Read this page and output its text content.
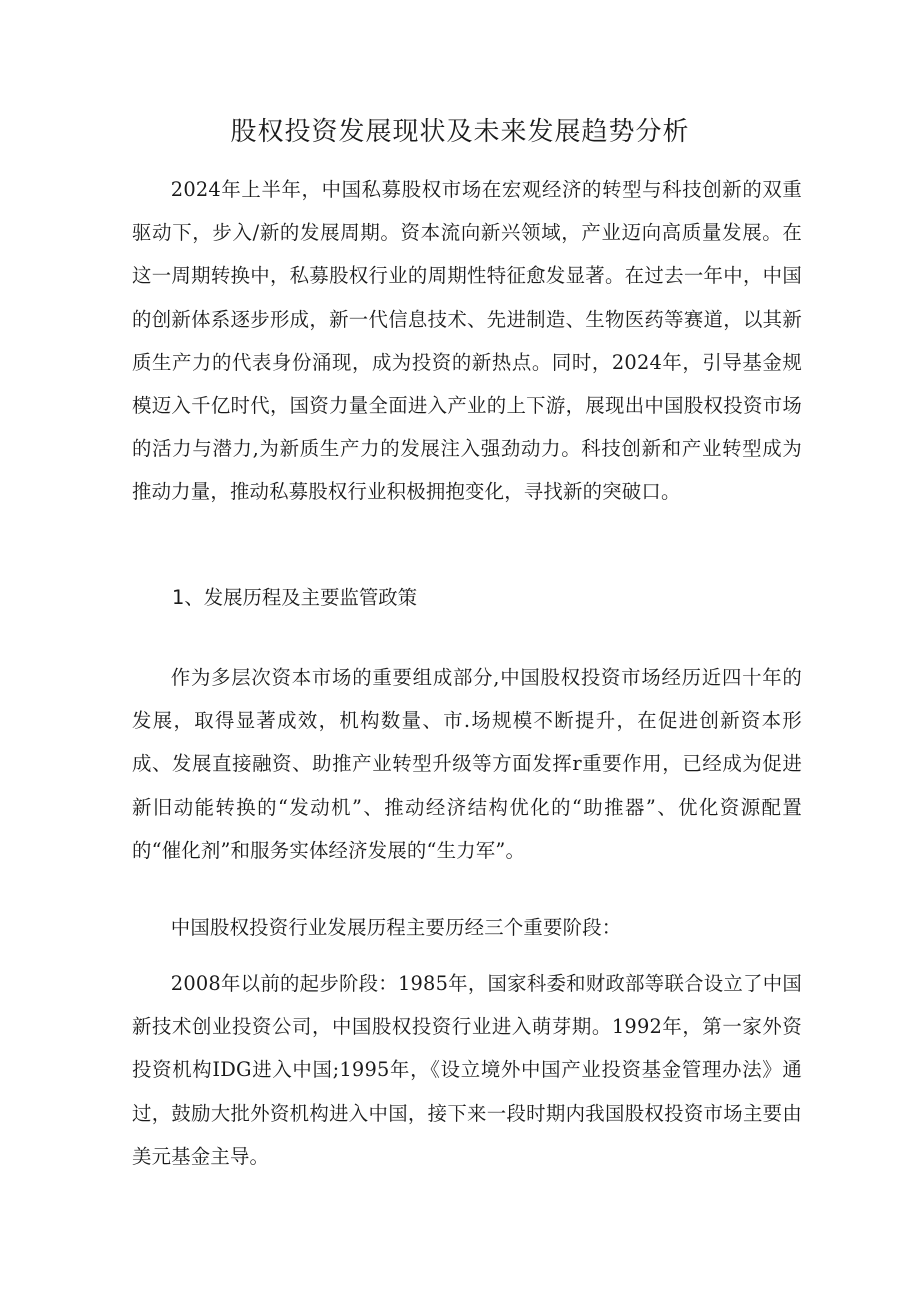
股权投资发展现状及未来发展趋势分析

2024年上半年，中国私募股权市场在宏观经济的转型与科技创新的双重驱动下，步入/新的发展周期。资本流向新兴领域，产业迈向高质量发展。在这一周期转换中，私募股权行业的周期性特征愈发显著。在过去一年中，中国的创新体系逐步形成，新一代信息技术、先进制造、生物医药等赛道，以其新质生产力的代表身份涌现，成为投资的新热点。同时，2024年，引导基金规模迈入千亿时代，国资力量全面进入产业的上下游，展现出中国股权投资市场的活力与潜力,为新质生产力的发展注入强劲动力。科技创新和产业转型成为推动力量，推动私募股权行业积极拥抱变化，寻找新的突破口。

1、发展历程及主要监管政策

作为多层次资本市场的重要组成部分,中国股权投资市场经历近四十年的发展，取得显著成效，机构数量、市.场规模不断提升，在促进创新资本形成、发展直接融资、助推产业转型升级等方面发挥r重要作用，已经成为促进新旧动能转换的“发动机”、推动经济结构优化的“助推器”、优化资源配置的“催化剂”和服务实体经济发展的“生力军”。

中国股权投资行业发展历程主要历经三个重要阶段：

2008年以前的起步阶段：1985年，国家科委和财政部等联合设立了中国新技术创业投资公司，中国股权投资行业进入萌芽期。1992年，第一家外资投资机构IDG进入中国;1995年，《设立境外中国产业投资基金管理办法》通过，鼓励大批外资机构进入中国，接下来一段时期内我国股权投资市场主要由美元基金主导。
